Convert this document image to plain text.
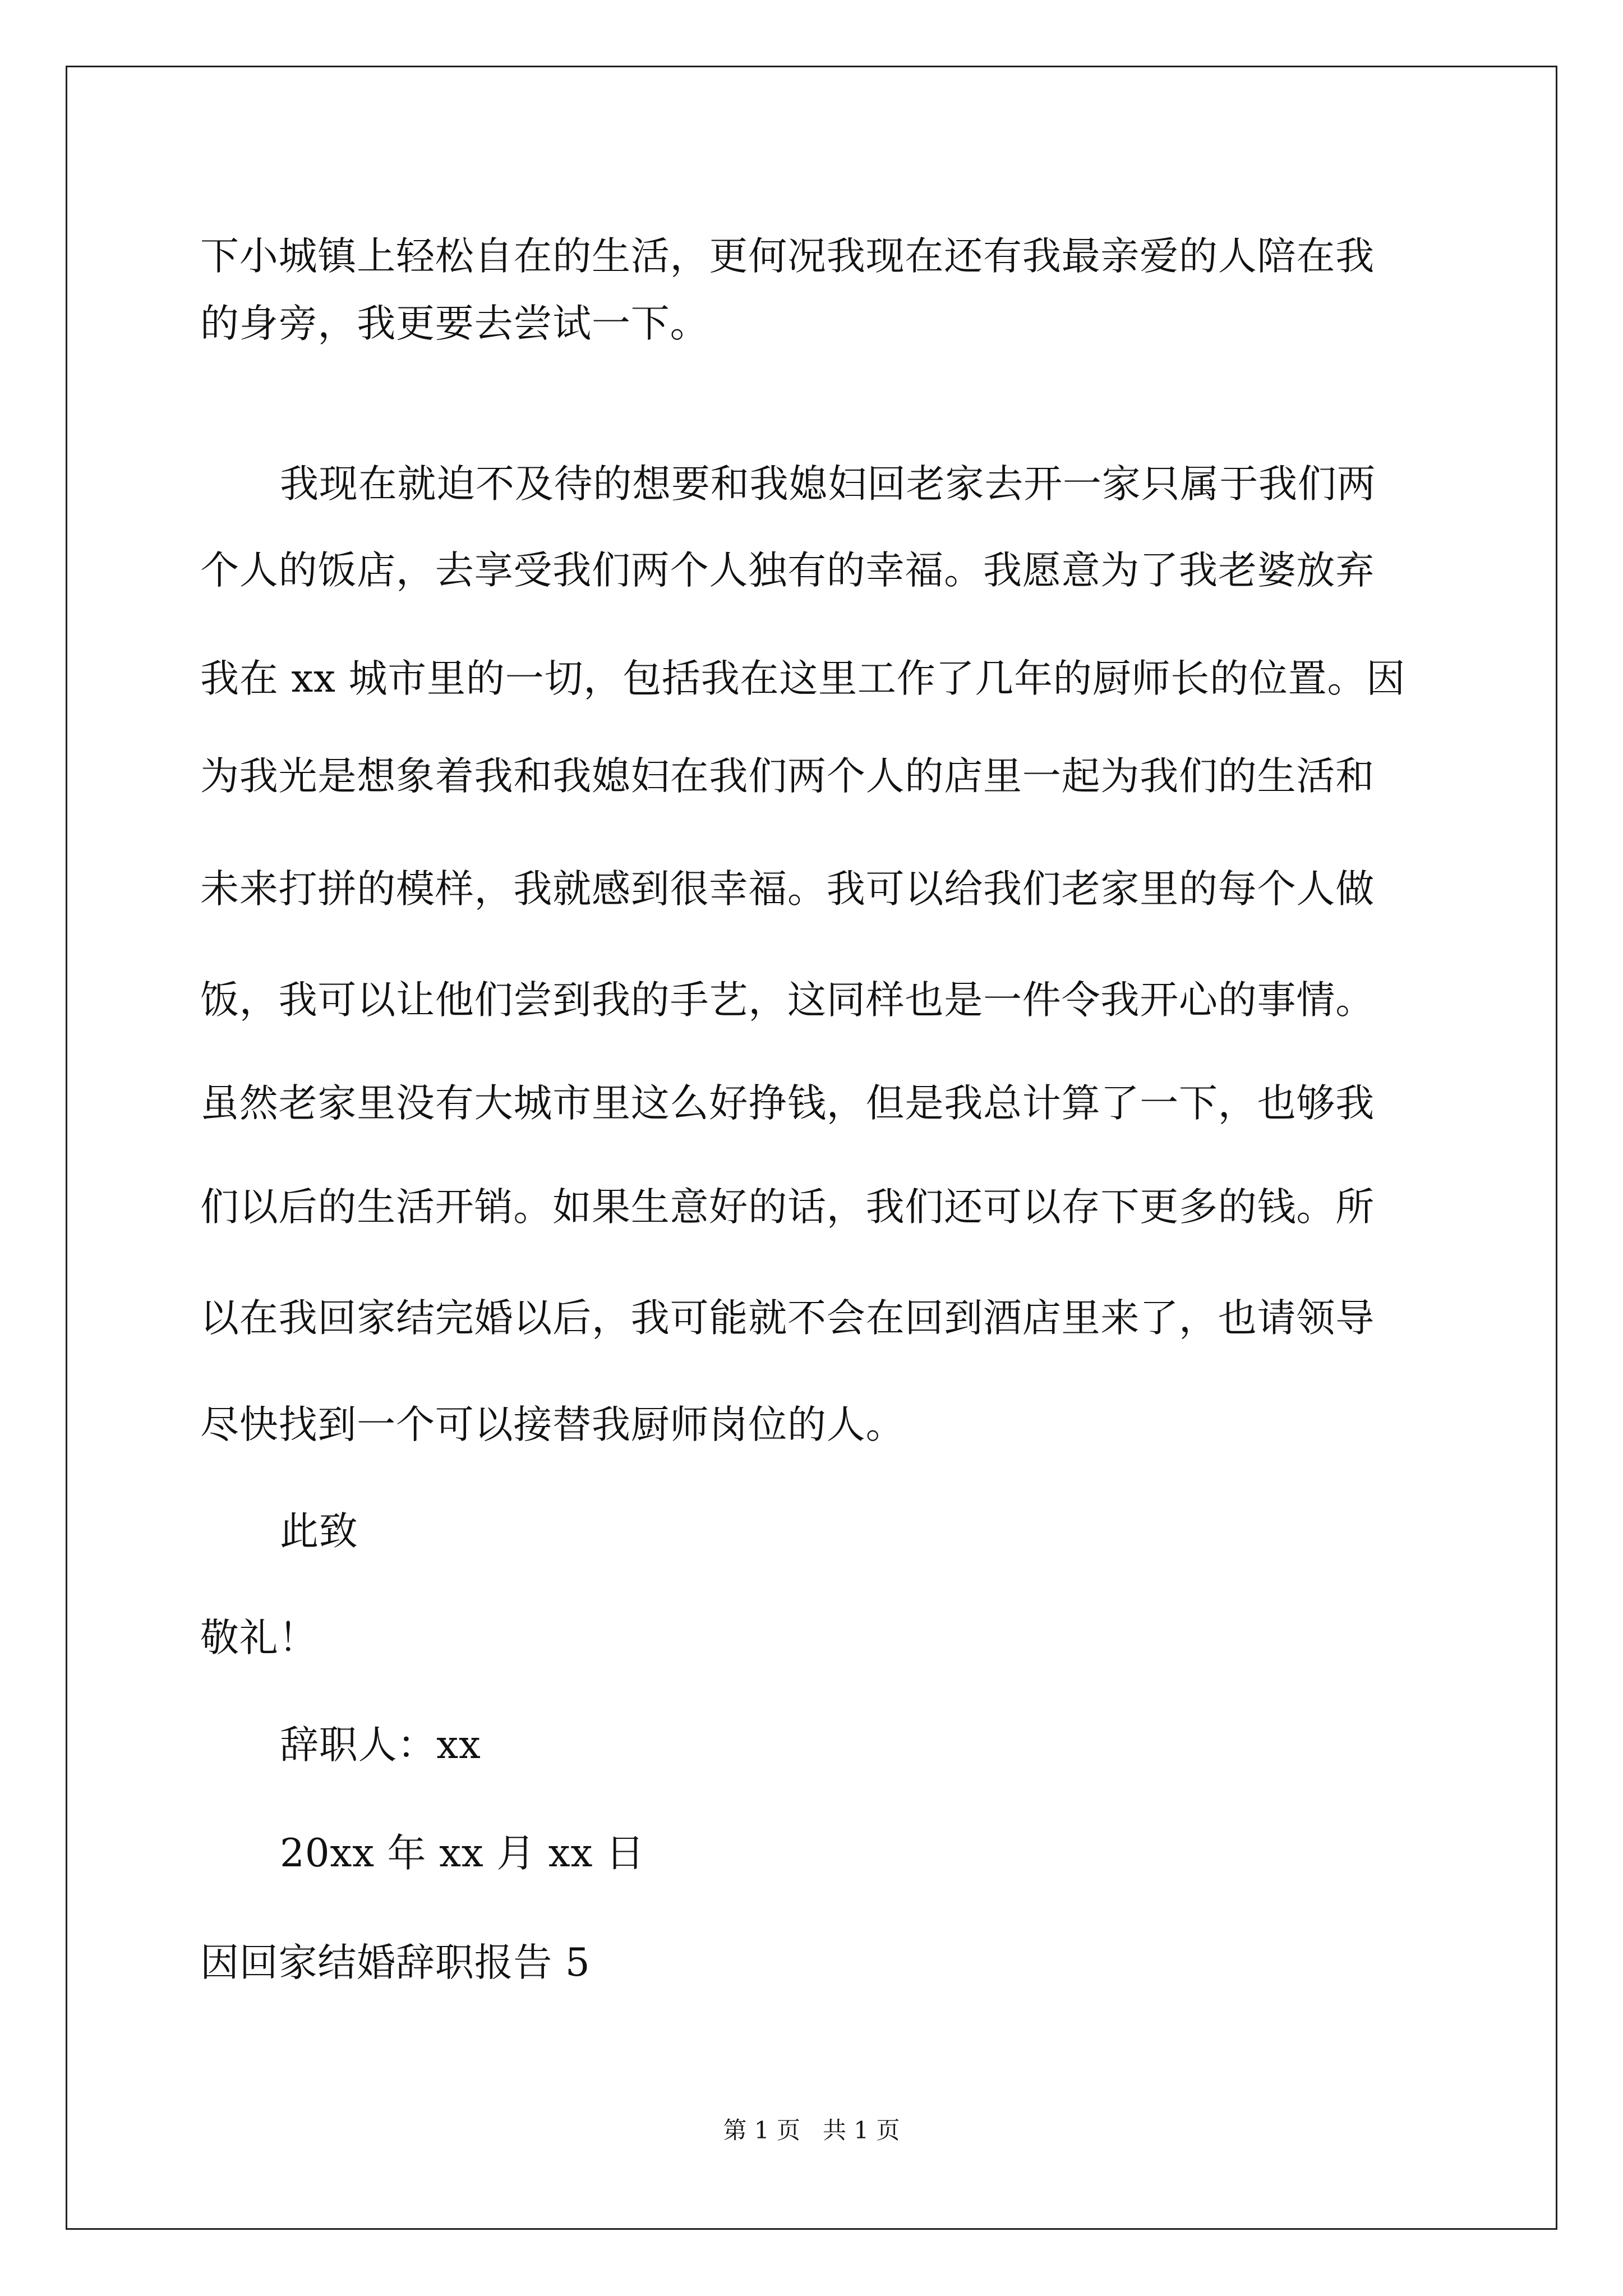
下小城镇上轻松自在的生活，更何况我现在还有我最亲爱的人陪在我
的身旁，我更要去尝试一下。
我现在就迫不及待的想要和我媳妇回老家去开一家只属于我们两
个人的饭店，去享受我们两个人独有的幸福。我愿意为了我老婆放弃
我在 xx 城市里的一切，包括我在这里工作了几年的厨师长的位置。因
为我光是想象着我和我媳妇在我们两个人的店里一起为我们的生活和
未来打拼的模样，我就感到很幸福。我可以给我们老家里的每个人做
饭，我可以让他们尝到我的手艺，这同样也是一件令我开心的事情。
虽然老家里没有大城市里这么好挣钱，但是我总计算了一下，也够我
们以后的生活开销。如果生意好的话，我们还可以存下更多的钱。所
以在我回家结完婚以后，我可能就不会在回到酒店里来了，也请领导
尽快找到一个可以接替我厨师岗位的人。
此致
敬礼！
辞职人：xx
20xx 年 xx 月 xx 日
因回家结婚辞职报告 5
第 1 页   共 1 页
